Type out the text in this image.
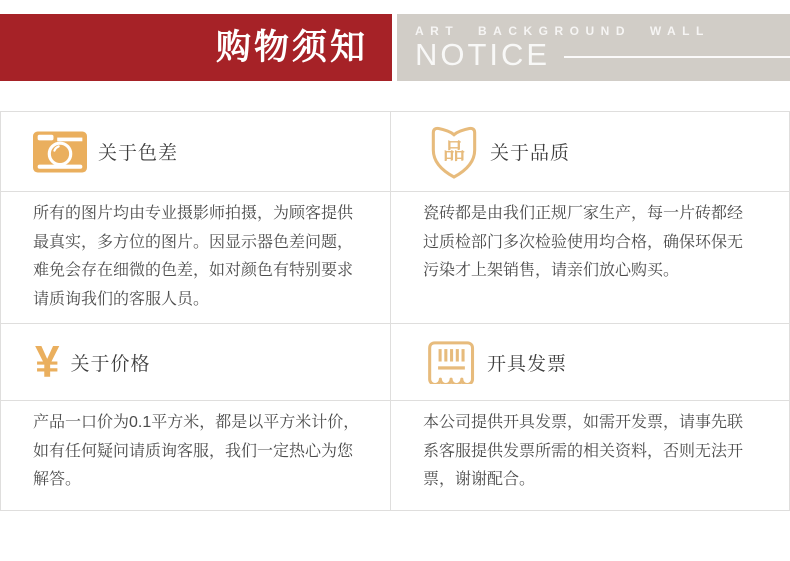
购物须知	ART BACKGROUND WALL
NOTICE
关于色差	品 关于品质
所有的图片均由专业摄影师拍摄，为顾客提供最真实，多方位的图片。因显示器色差问题，难免会存在细微的色差，如对颜色有特别要求请质询我们的客服人员。
瓷砖都是由我们正规厂家生产，每一片砖都经过质检部门多次检验使用均合格，确保环保无污染才上架销售，请亲们放心购买。
¥ 关于价格	开具发票
产品一口价为0.1平方米，都是以平方米计价，如有任何疑问请质询客服，我们一定热心为您解答。
本公司提供开具发票，如需开发票，请事先联系客服提供发票所需的相关资料，否则无法开票，谢谢配合。
